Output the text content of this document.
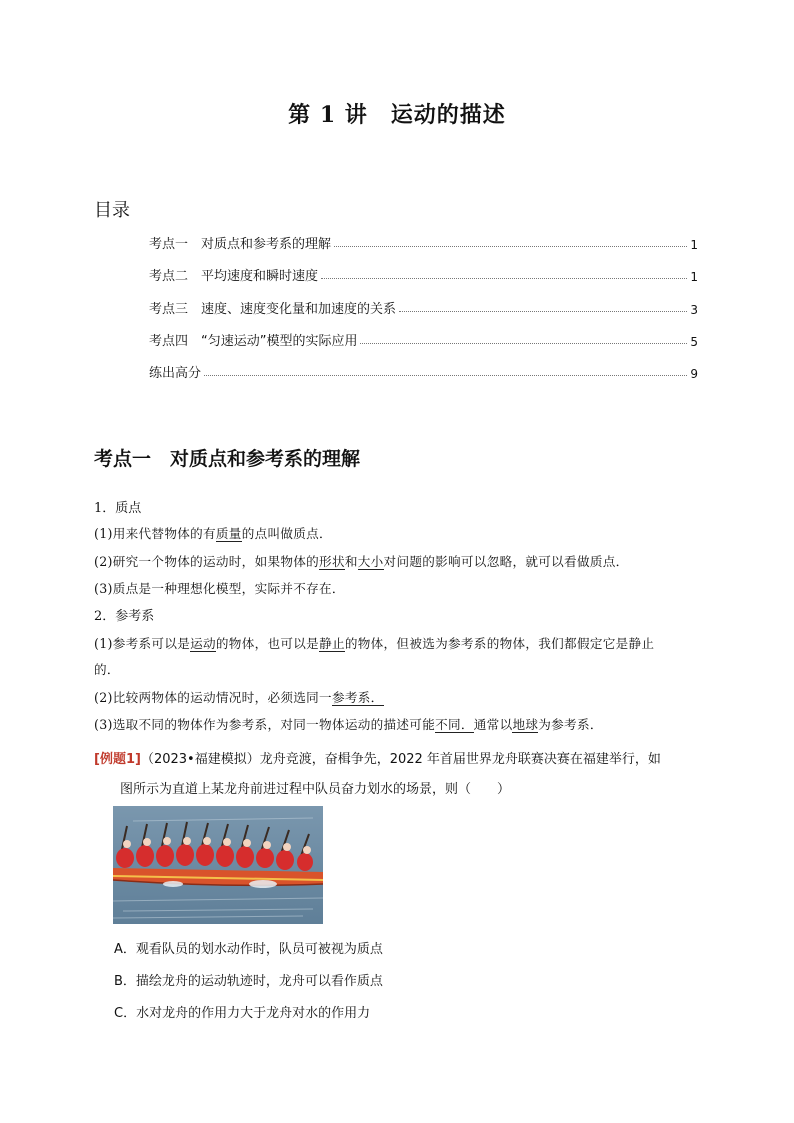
第 1 讲　运动的描述
目录
考点一　对质点和参考系的理解	1
考点二　平均速度和瞬时速度	1
考点三　速度、速度变化量和加速度的关系	3
考点四　“匀速运动”模型的实际应用	5
练出高分	9
考点一　对质点和参考系的理解
1．质点
(1)用来代替物体的有质量的点叫做质点．
(2)研究一个物体的运动时，如果物体的形状和大小对问题的影响可以忽略，就可以看做质点．
(3)质点是一种理想化模型，实际并不存在．
2．参考系
(1)参考系可以是运动的物体，也可以是静止的物体，但被选为参考系的物体，我们都假定它是静止
的．
(2)比较两物体的运动情况时，必须选同一参考系．
(3)选取不同的物体作为参考系，对同一物体运动的描述可能不同．通常以地球为参考系．
[例题1]（2023•福建模拟）龙舟竞渡，奋楫争先，2022 年首届世界龙舟联赛决赛在福建举行，如
图所示为直道上某龙舟前进过程中队员奋力划水的场景，则（　　）
A．观看队员的划水动作时，队员可被视为质点
B．描绘龙舟的运动轨迹时，龙舟可以看作质点
C．水对龙舟的作用力大于龙舟对水的作用力
